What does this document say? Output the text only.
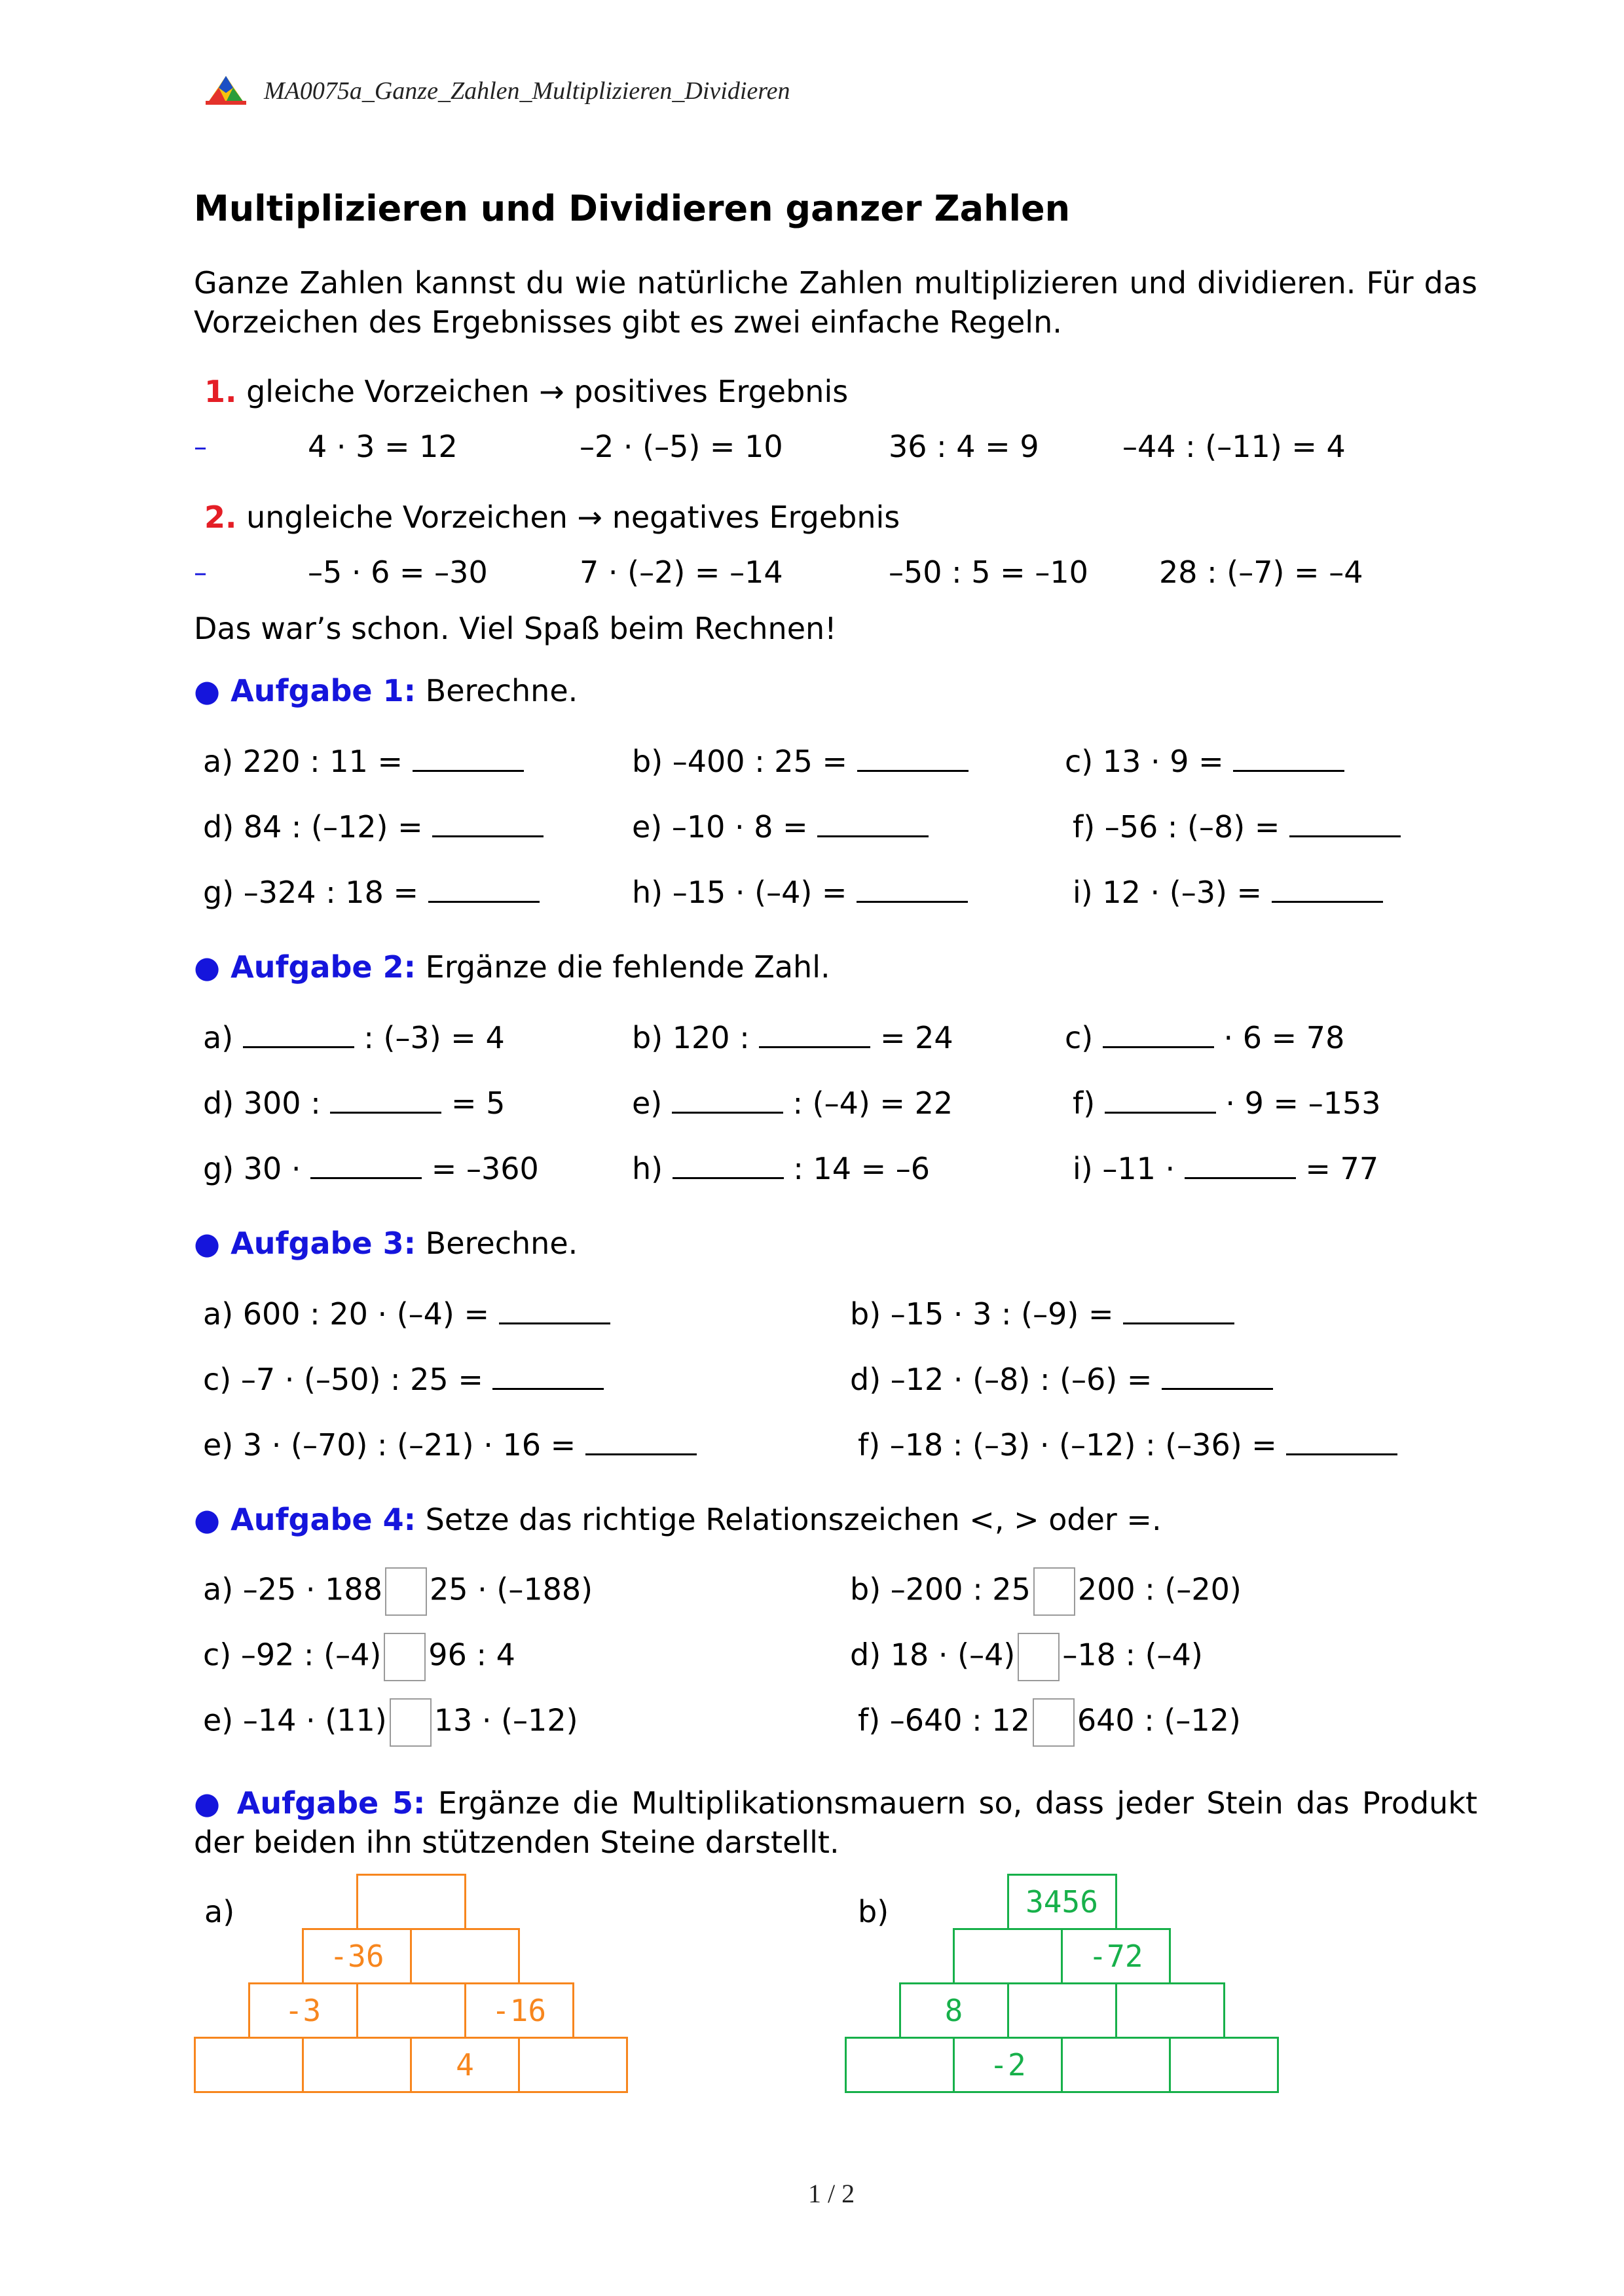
MA0075a_Ganze_Zahlen_Multiplizieren_Dividieren
Multiplizieren und Dividieren ganzer Zahlen
Ganze Zahlen kannst du wie natürliche Zahlen multiplizieren und dividieren. Für das Vorzeichen des Ergebnisses gibt es zwei einfache Regeln.
1. gleiche Vorzeichen → positives Ergebnis
–	4 · 3 = 12	–2 · (–5) = 10	36 : 4 = 9	–44 : (–11) = 4
2. ungleiche Vorzeichen → negatives Ergebnis
–	–5 · 6 = –30	7 · (–2) = –14	–50 : 5 = –10 28 : (–7) = –4
Das war’s schon. Viel Spaß beim Rechnen!
● Aufgabe 1: Berechne.
a) 220 : 11 =	b) –400 : 25 =	c) 13 · 9 =
d) 84 : (–12) =	e) –10 · 8 =	f) –56 : (–8) =
g) –324 : 18 =	h) –15 · (–4) =	i) 12 · (–3) =
● Aufgabe 2: Ergänze die fehlende Zahl.
a)	: (–3) = 4	b) 120 :	= 24	c)	· 6 = 78
d) 300 :	= 5	e)	: (–4) = 22	f)	· 9 = –153
g) 30 ·	= –360	h)	: 14 = –6	i) –11 ·	= 77
● Aufgabe 3: Berechne.
a) 600 : 20 · (–4) =	b) –15 · 3 : (–9) =
c) –7 · (–50) : 25 =	d) –12 · (–8) : (–6) =
e) 3 · (–70) : (–21) · 16 =	f) –18 : (–3) · (–12) : (–36) =
● Aufgabe 4: Setze das richtige Relationszeichen <, > oder =.
a) –25 · 188 25 · (–188)	b) –200 : 25 200 : (–20)
c) –92 : (–4) 96 : 4	d) 18 · (–4) –18 : (–4)
e) –14 · (11) 13 · (–12)	f) –640 : 12 640 : (–12)
● Aufgabe 5: Ergänze die Multiplikationsmauern so, dass jeder Stein das Produkt der beiden ihn stützenden Steine darstellt.
a)	b)
-36
-3	-16
4
3456
-72
8
-2
1 / 2
